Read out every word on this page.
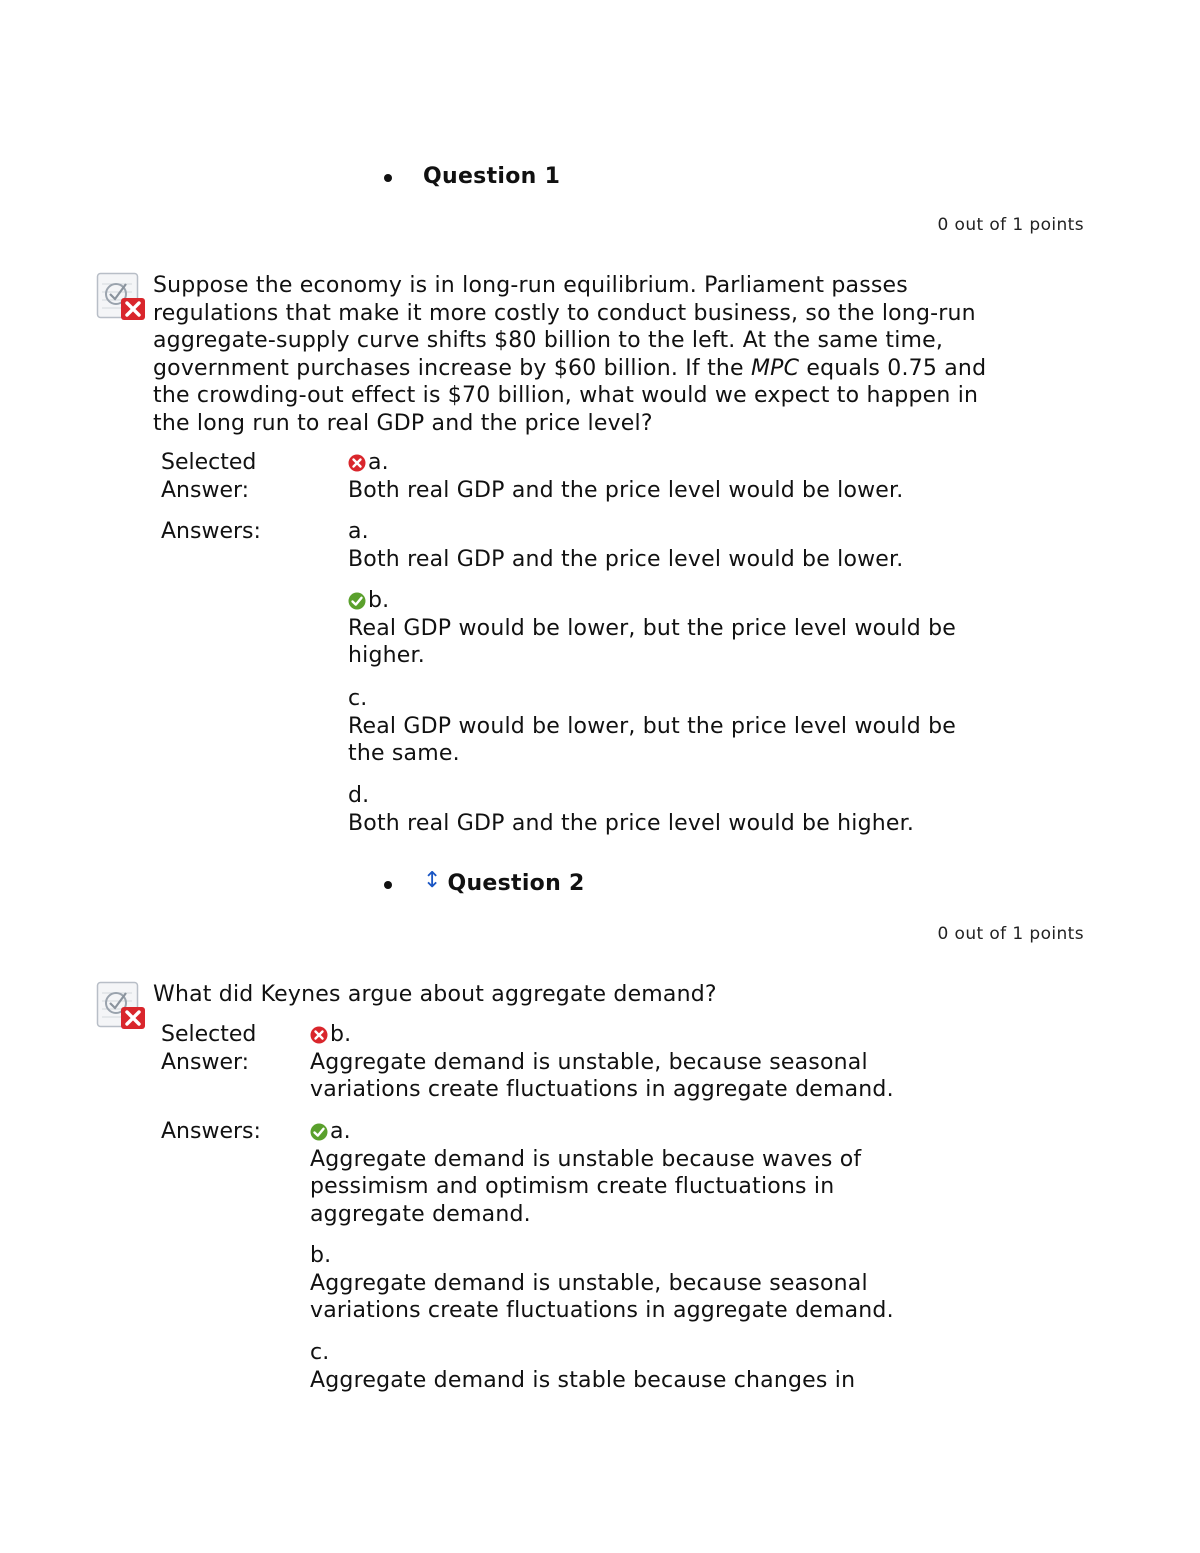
Question 1
0 out of 1 points
Suppose the economy is in long-run equilibrium. Parliament passes regulations that make it more costly to conduct business, so the long-run aggregate-supply curve shifts $80 billion to the left. At the same time, government purchases increase by $60 billion. If the MPC equals 0.75 and the crowding-out effect is $70 billion, what would we expect to happen in the long run to real GDP and the price level?
Selected
Answer:
a.
Both real GDP and the price level would be lower.
Answers:	a.
Both real GDP and the price level would be lower.
b.
Real GDP would be lower, but the price level would be higher.
c.
Real GDP would be lower, but the price level would be the same.
d.
Both real GDP and the price level would be higher.
↕ Question 2
0 out of 1 points
What did Keynes argue about aggregate demand?
Selected
Answer:
b.
Aggregate demand is unstable, because seasonal variations create fluctuations in aggregate demand.
Answers:	a.
Aggregate demand is unstable because waves of pessimism and optimism create fluctuations in aggregate demand.
b.
Aggregate demand is unstable, because seasonal variations create fluctuations in aggregate demand.
c.
Aggregate demand is stable because changes in
